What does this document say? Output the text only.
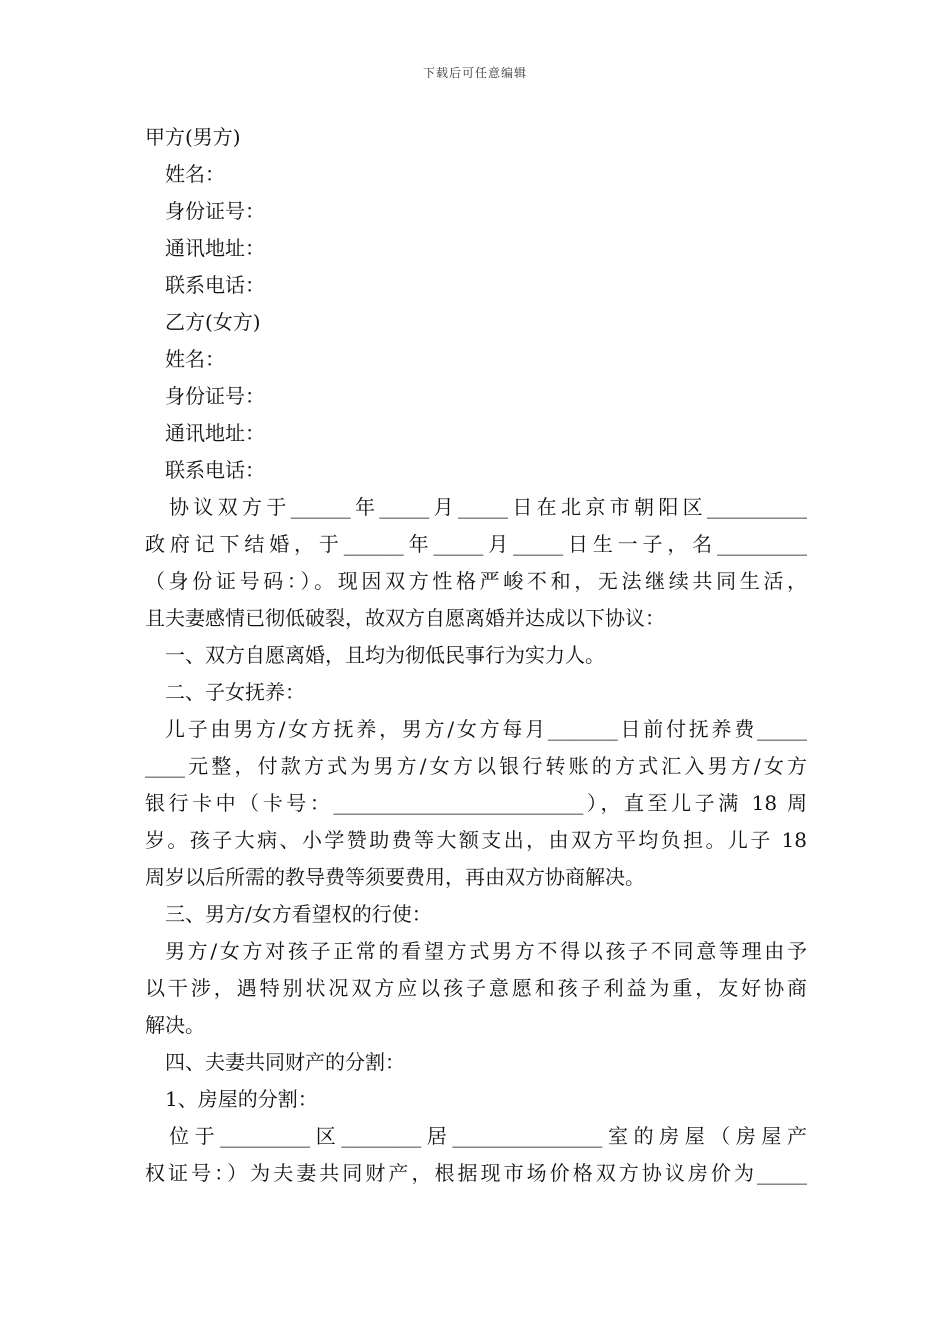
下载后可任意编辑
甲方(男方)
姓名：
身份证号：
通讯地址：
联系电话：
乙方(女方)
姓名：
身份证号：
通讯地址：
联系电话：
协议双方于______年_____月_____日在北京市朝阳区__________
政府记下结婚，于______年_____月_____日生一子，名_________
（身份证号码：）。现因双方性格严峻不和，无法继续共同生活，
且夫妻感情已彻低破裂，故双方自愿离婚并达成以下协议：
一、双方自愿离婚，且均为彻低民事行为实力人。
二、子女抚养：
儿子由男方/女方抚养，男方/女方每月_______日前付抚养费_____
____元整，付款方式为男方/女方以银行转账的方式汇入男方/女方
银行卡中（卡号：_________________________），直至儿子满 18 周
岁。孩子大病、小学赞助费等大额支出，由双方平均负担。儿子 18
周岁以后所需的教导费等须要费用，再由双方协商解决。
三、男方/女方看望权的行使：
男方/女方对孩子正常的看望方式男方不得以孩子不同意等理由予
以干涉，遇特别状况双方应以孩子意愿和孩子利益为重，友好协商
解决。
四、夫妻共同财产的分割：
1、房屋的分割：
位于_________区________居_______________室的房屋（房屋产
权证号：）为夫妻共同财产，根据现市场价格双方协议房价为_____
